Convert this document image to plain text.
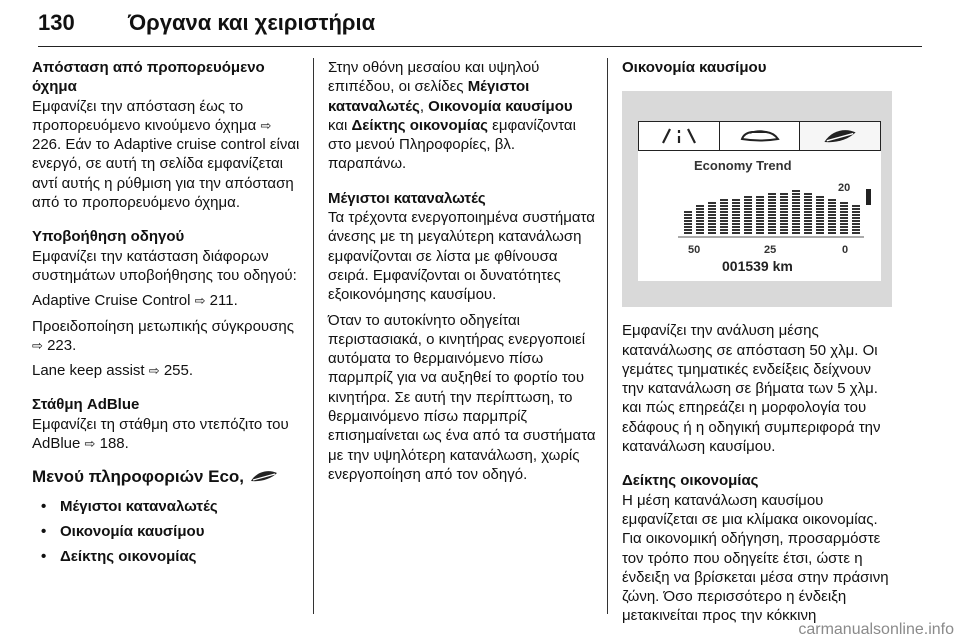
130 Όργανα και χειριστήρια

Απόσταση από προπορευόμενο όχημα

Εμφανίζει την απόσταση έως το προπορευόμενο κινούμενο όχημα ⇨ 226. Εάν το Adaptive cruise control είναι ενεργό, σε αυτή τη σελίδα εμφανίζεται αντί αυτής η ρύθμιση για την απόσταση από το προπορευόμενο όχημα.

Υποβοήθηση οδηγού

Εμφανίζει την κατάσταση διάφορων συστημάτων υποβοήθησης του οδηγού:

Adaptive Cruise Control ⇨ 211.

Προειδοποίηση μετωπικής σύγκρουσης ⇨ 223.

Lane keep assist ⇨ 255.

Στάθμη AdBlue

Εμφανίζει τη στάθμη στο ντεπόζιτο του AdBlue ⇨ 188.

Μενού πληροφοριών Eco,

• Μέγιστοι καταναλωτές
• Οικονομία καυσίμου
• Δείκτης οικονομίας

Στην οθόνη μεσαίου και υψηλού επιπέδου, οι σελίδες Μέγιστοι καταναλωτές, Οικονομία καυσίμου και Δείκτης οικονομίας εμφανίζονται στο μενού Πληροφορίες, βλ. παραπάνω.

Μέγιστοι καταναλωτές

Τα τρέχοντα ενεργοποιημένα συστήματα άνεσης με τη μεγαλύτερη κατανάλωση εμφανίζονται σε λίστα με φθίνουσα σειρά. Εμφανίζονται οι δυνατότητες εξοικονόμησης καυσίμου.

Όταν το αυτοκίνητο οδηγείται περιστασιακά, ο κινητήρας ενεργοποιεί αυτόματα το θερμαινόμενο πίσω παρμπρίζ για να αυξηθεί το φορτίο του κινητήρα. Σε αυτή την περίπτωση, το θερμαινόμενο πίσω παρμπρίζ επισημαίνεται ως ένα από τα συστήματα με την υψηλότερη κατανάλωση, χωρίς ενεργοποίηση από τον οδηγό.

Οικονομία καυσίμου

Economy Trend
20
50	25	0
001539 km

Εμφανίζει την ανάλυση μέσης κατανάλωσης σε απόσταση 50 χλμ. Οι γεμάτες τμηματικές ενδείξεις δείχνουν την κατανάλωση σε βήματα των 5 χλμ. και πώς επηρεάζει η μορφολογία του εδάφους ή η οδηγική συμπεριφορά την κατανάλωση καυσίμου.

Δείκτης οικονομίας

Η μέση κατανάλωση καυσίμου εμφανίζεται σε μια κλίμακα οικονομίας. Για οικονομική οδήγηση, προσαρμόστε τον τρόπο που οδηγείτε έτσι, ώστε η ένδειξη να βρίσκεται μέσα στην πράσινη ζώνη. Όσο περισσότερο η ένδειξη μετακινείται προς την κόκκινη

carmanualsonline.info
